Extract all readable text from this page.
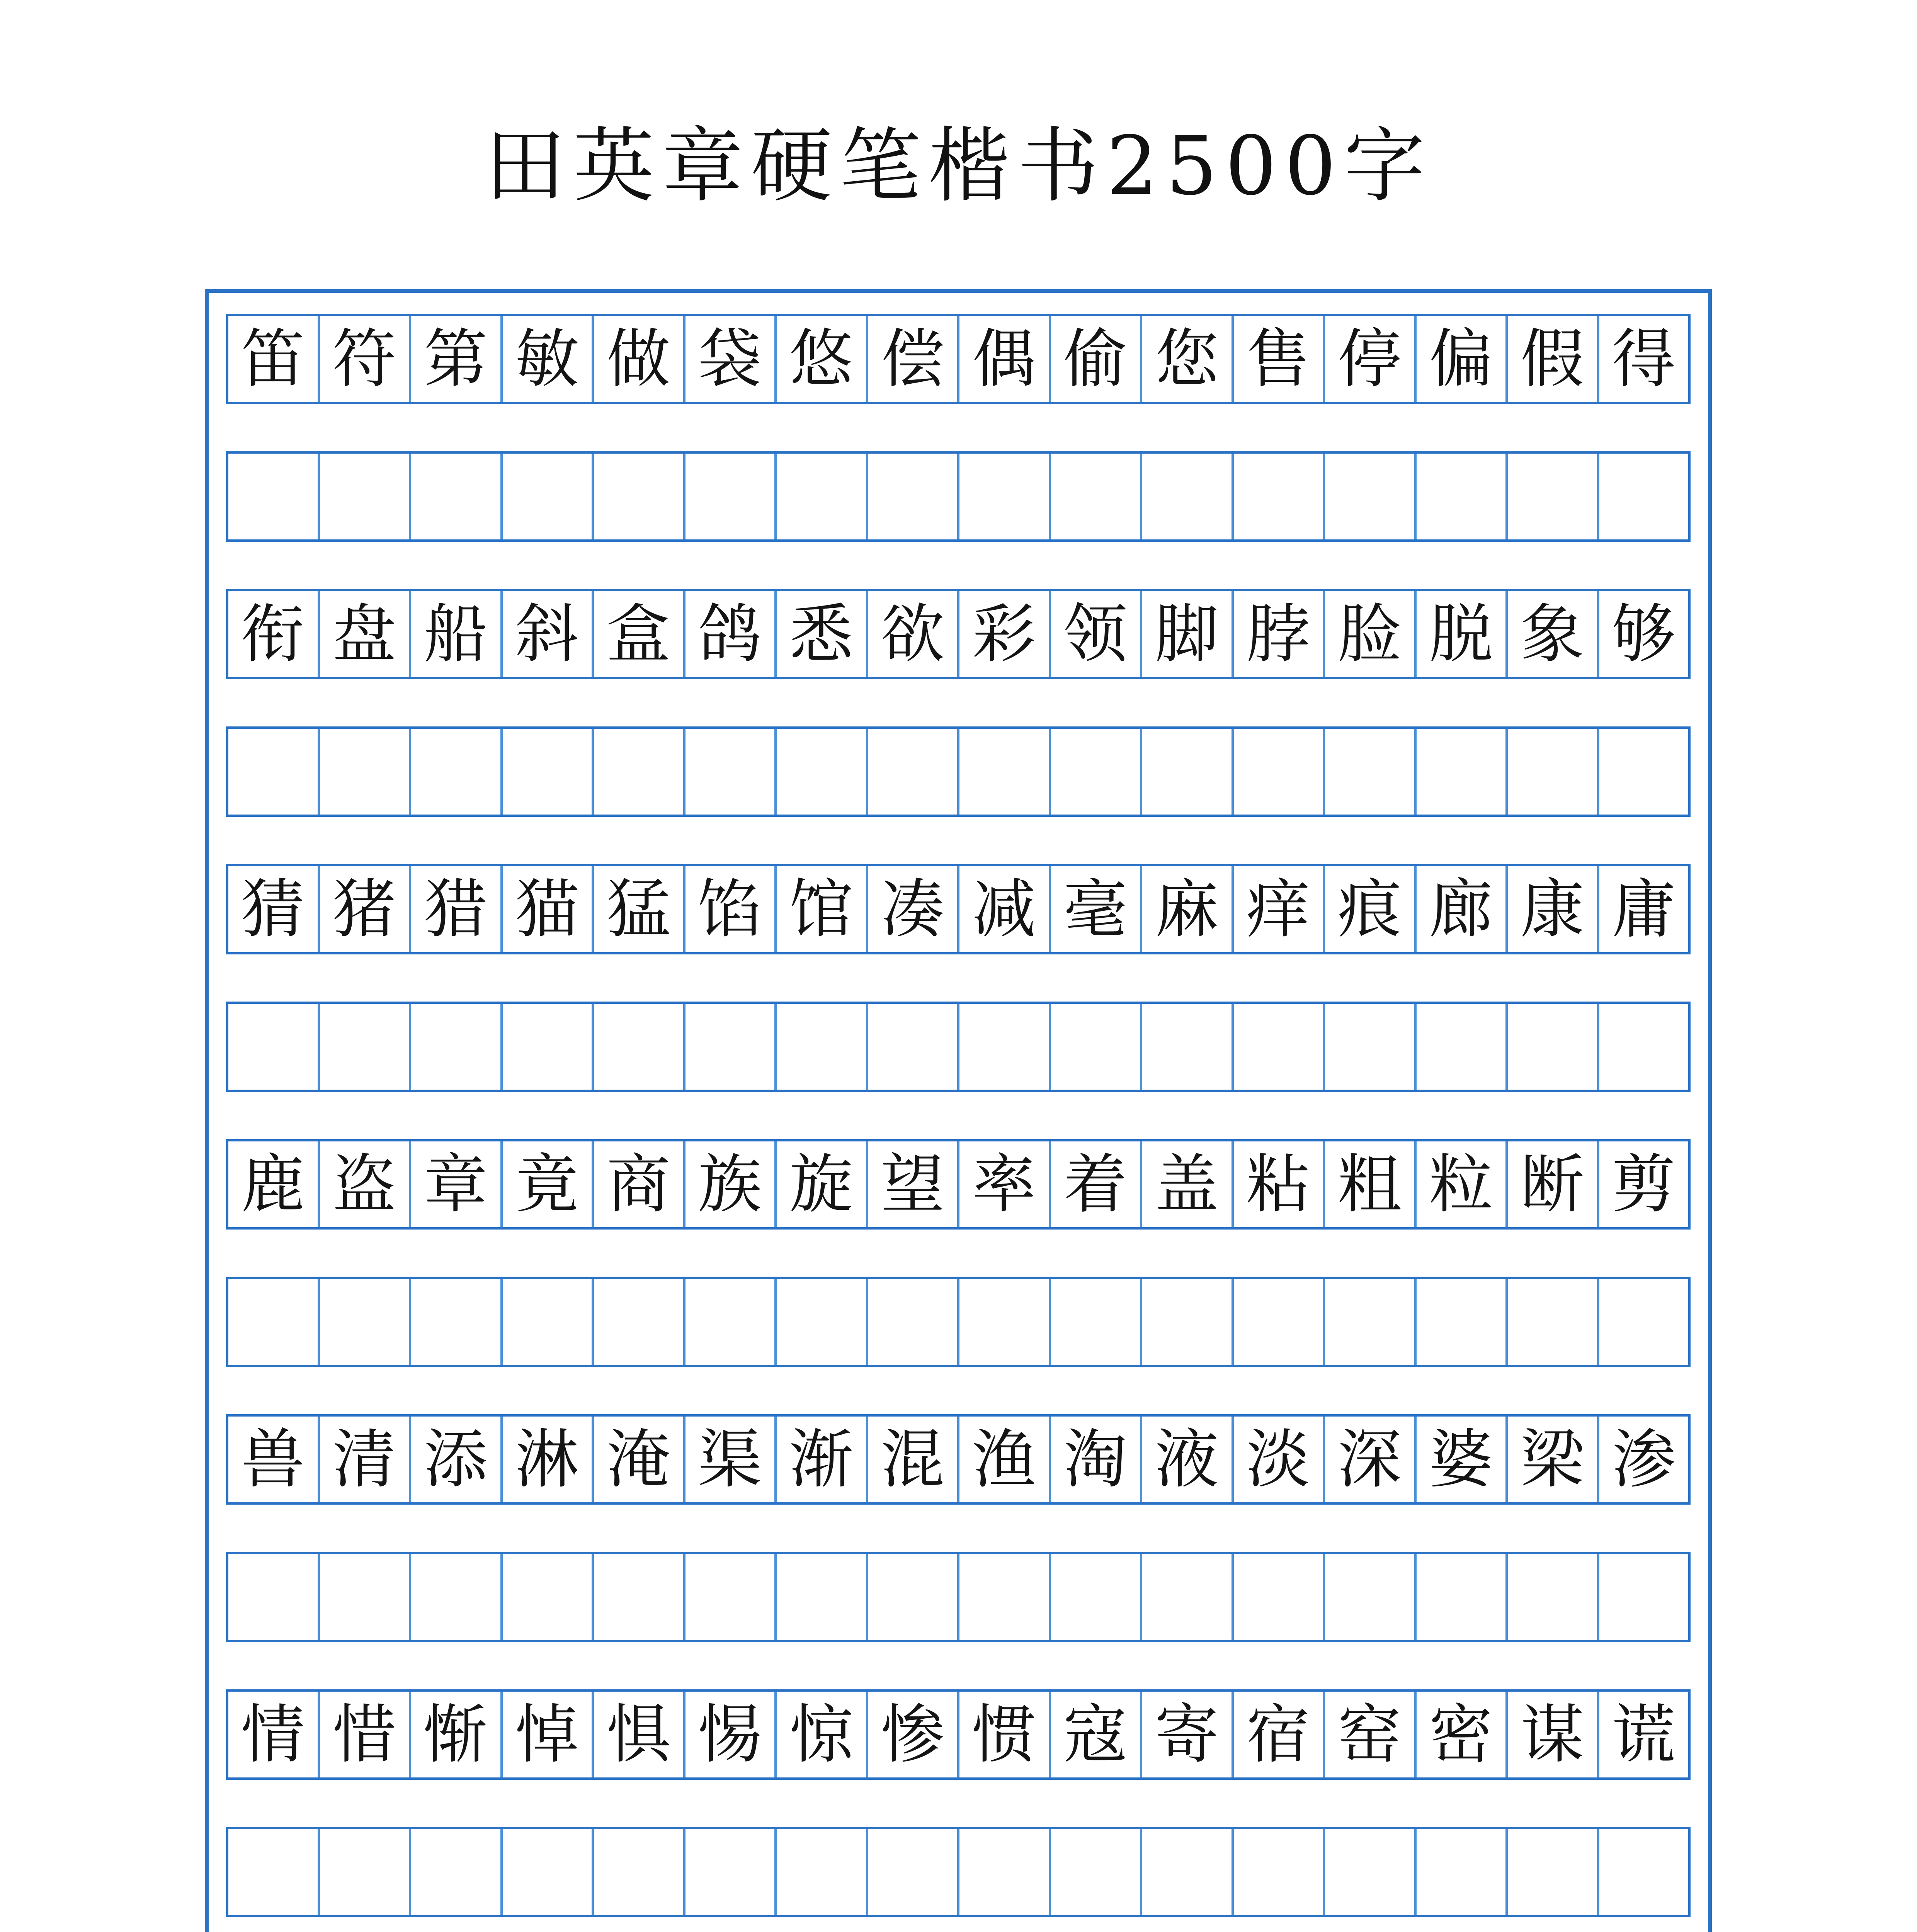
田英章硬笔楷书2500字
笛 符 第 敏 做 袋 悠 偿 偶 偷 您 售 停 偏 假 得
衔 盘 船 斜 盒 鸽 悉 欲 彩 领 脚 脖 脸 脱 象 够
猜 猪 猎 猫 猛 馅 馆 凑 减 毫 麻 痒 痕 廊 康 庸
鹿 盗 章 竟 商 族 旋 望 率 着 盖 粘 粗 粒 断 剪
兽 清 添 淋 淹 渠 渐 混 渔 淘 液 淡 深 婆 梁 渗
情 惜 惭 悼 惧 惕 惊 惨 惯 寇 寄 宿 窑 密 谋 谎
